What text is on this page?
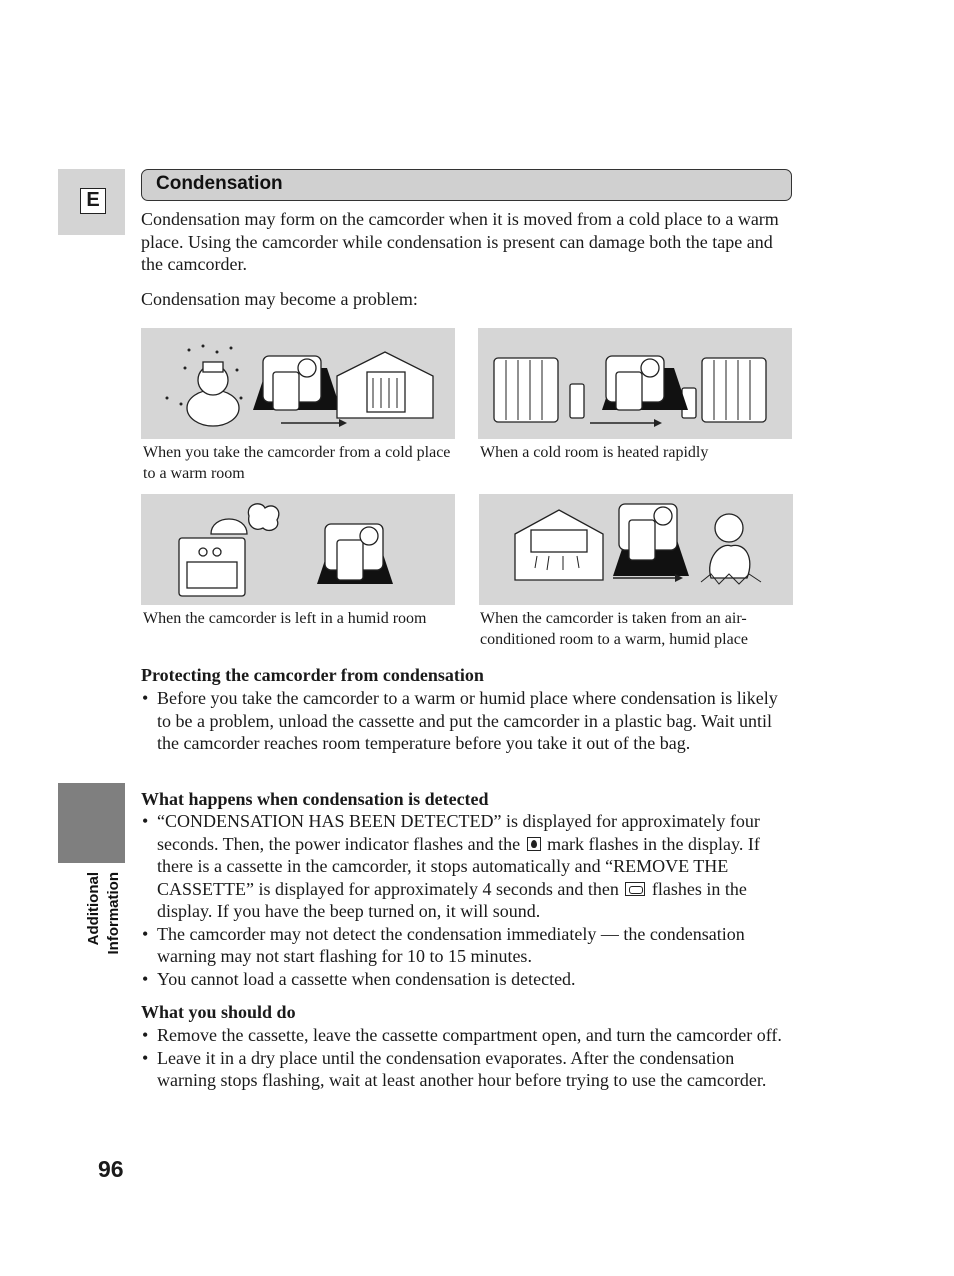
E
Additional Information
96
Condensation

Condensation may form on the camcorder when it is moved from a cold place to a warm place. Using the camcorder while condensation is present can damage both the tape and the camcorder.

Condensation may become a problem:

When you take the camcorder from a cold place to a warm room

When a cold room is heated rapidly

When the camcorder is left in a humid room	When the camcorder is taken from an air-conditioned room to a warm, humid place

Protecting the camcorder from condensation

• Before you take the camcorder to a warm or humid place where condensation is likely to be a problem, unload the cassette and put the camcorder in a plastic bag. Wait until the camcorder reaches room temperature before you take it out of the bag.

What happens when condensation is detected

• “CONDENSATION HAS BEEN DETECTED” is displayed for approximately four seconds. Then, the power indicator flashes and the mark flashes in the display. If there is a cassette in the camcorder, it stops automatically and “REMOVE THE CASSETTE” is displayed for approximately 4 seconds and then flashes in the display. If you have the beep turned on, it will sound.
• The camcorder may not detect the condensation immediately — the condensation warning may not start flashing for 10 to 15 minutes.
• You cannot load a cassette when condensation is detected.

What you should do

• Remove the cassette, leave the cassette compartment open, and turn the camcorder off.
• Leave it in a dry place until the condensation evaporates. After the condensation warning stops flashing, wait at least another hour before trying to use the camcorder.
